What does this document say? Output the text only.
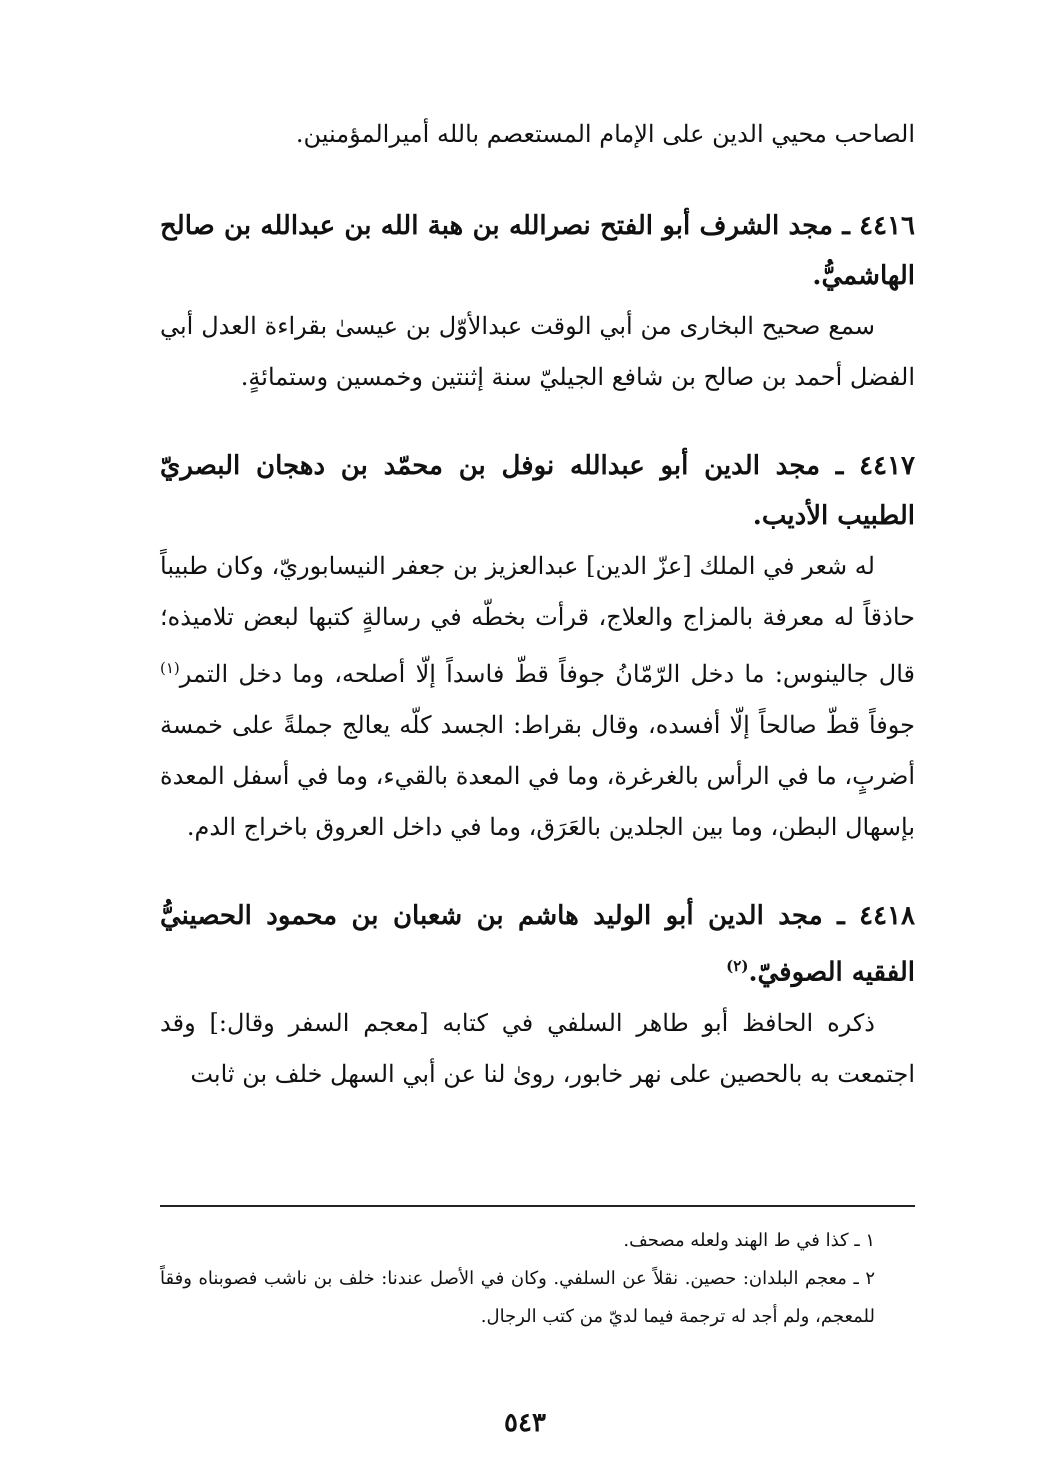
الصاحب محيي الدين على الإمام المستعصم بالله أميرالمؤمنين.

٤٤١٦ ـ مجد الشرف أبو الفتح نصرالله بن هبة الله بن عبدالله بن صالح الهاشميُّ.

سمع صحيح البخارى من أبي الوقت عبدالأوّل بن عيسىٰ بقراءة العدل أبي الفضل أحمد بن صالح بن شافع الجيليّ سنة إثنتين وخمسين وستمائةٍ.

٤٤١٧ ـ مجد الدين أبو عبدالله نوفل بن محمّد بن دهجان البصريّ الطبيب الأديب.

له شعر في الملك [عزّ الدين] عبدالعزيز بن جعفر النيسابوريّ، وكان طبيباً حاذقاً له معرفة بالمزاج والعلاج، قرأت بخطّه في رسالةٍ كتبها لبعض تلاميذه؛ قال جالينوس: ما دخل الرّمّانُ جوفاً قطّ فاسداً إلّا أصلحه، وما دخل التمر$^{(١)}$ جوفاً قطّ صالحاً إلّا أفسده، وقال بقراط: الجسد كلّه يعالج جملةً على خمسة أضربٍ، ما في الرأس بالغرغرة، وما في المعدة بالقيء، وما في أسفل المعدة بإسهال البطن، وما بين الجلدين بالعَرَق، وما في داخل العروق باخراج الدم.

٤٤١٨ ـ مجد الدين أبو الوليد هاشم بن شعبان بن محمود الحصينيُّ الفقيه الصوفيّ.$^{(٢)}$

ذكره الحافظ أبو طاهر السلفي في كتابه [معجم السفر وقال:] وقد اجتمعت به بالحصين على نهر خابور، روىٰ لنا عن أبي السهل خلف بن ثابت

١ ـ كذا في ط الهند ولعله مصحف.

٢ ـ معجم البلدان: حصين. نقلاً عن السلفي. وكان في الأصل عندنا: خلف بن ناشب فصوبناه وفقاً للمعجم، ولم أجد له ترجمة فيما لديّ من كتب الرجال.

٥٤٣
